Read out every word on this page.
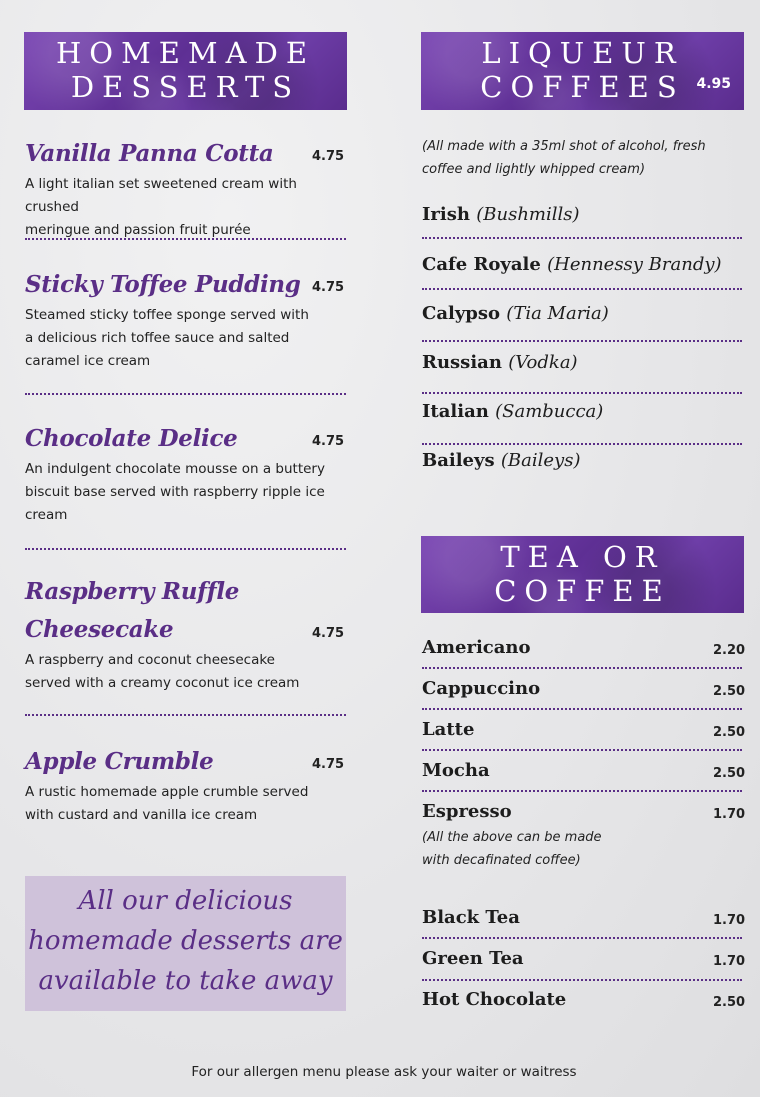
HOMEMADE
DESSERTS
Vanilla Panna Cotta	4.75
A light italian set sweetened cream with crushed
meringue and passion fruit purée
Sticky Toffee Pudding 4.75
Steamed sticky toffee sponge served with
a delicious rich toffee sauce and salted
caramel ice cream
Chocolate Delice	4.75
An indulgent chocolate mousse on a buttery
biscuit base served with raspberry ripple ice
cream
Raspberry Ruffle
Cheesecake	4.75
A raspberry and coconut cheesecake
served with a creamy coconut ice cream
Apple Crumble	4.75
A rustic homemade apple crumble served
with custard and vanilla ice cream
All our delicious
homemade desserts are
available to take away
LIQUEUR
COFFEES 4.95
(All made with a 35ml shot of alcohol, fresh
coffee and lightly whipped cream)
Irish (Bushmills)
Cafe Royale (Hennessy Brandy)
Calypso (Tia Maria)
Russian (Vodka)
Italian (Sambucca)
Baileys (Baileys)
TEA OR
COFFEE
Americano	2.20
Cappuccino	2.50
Latte	2.50
Mocha	2.50
Espresso	1.70
(All the above can be made
with decafinated coffee)
Black Tea	1.70
Green Tea	1.70
Hot Chocolate	2.50
For our allergen menu please ask your waiter or waitress
